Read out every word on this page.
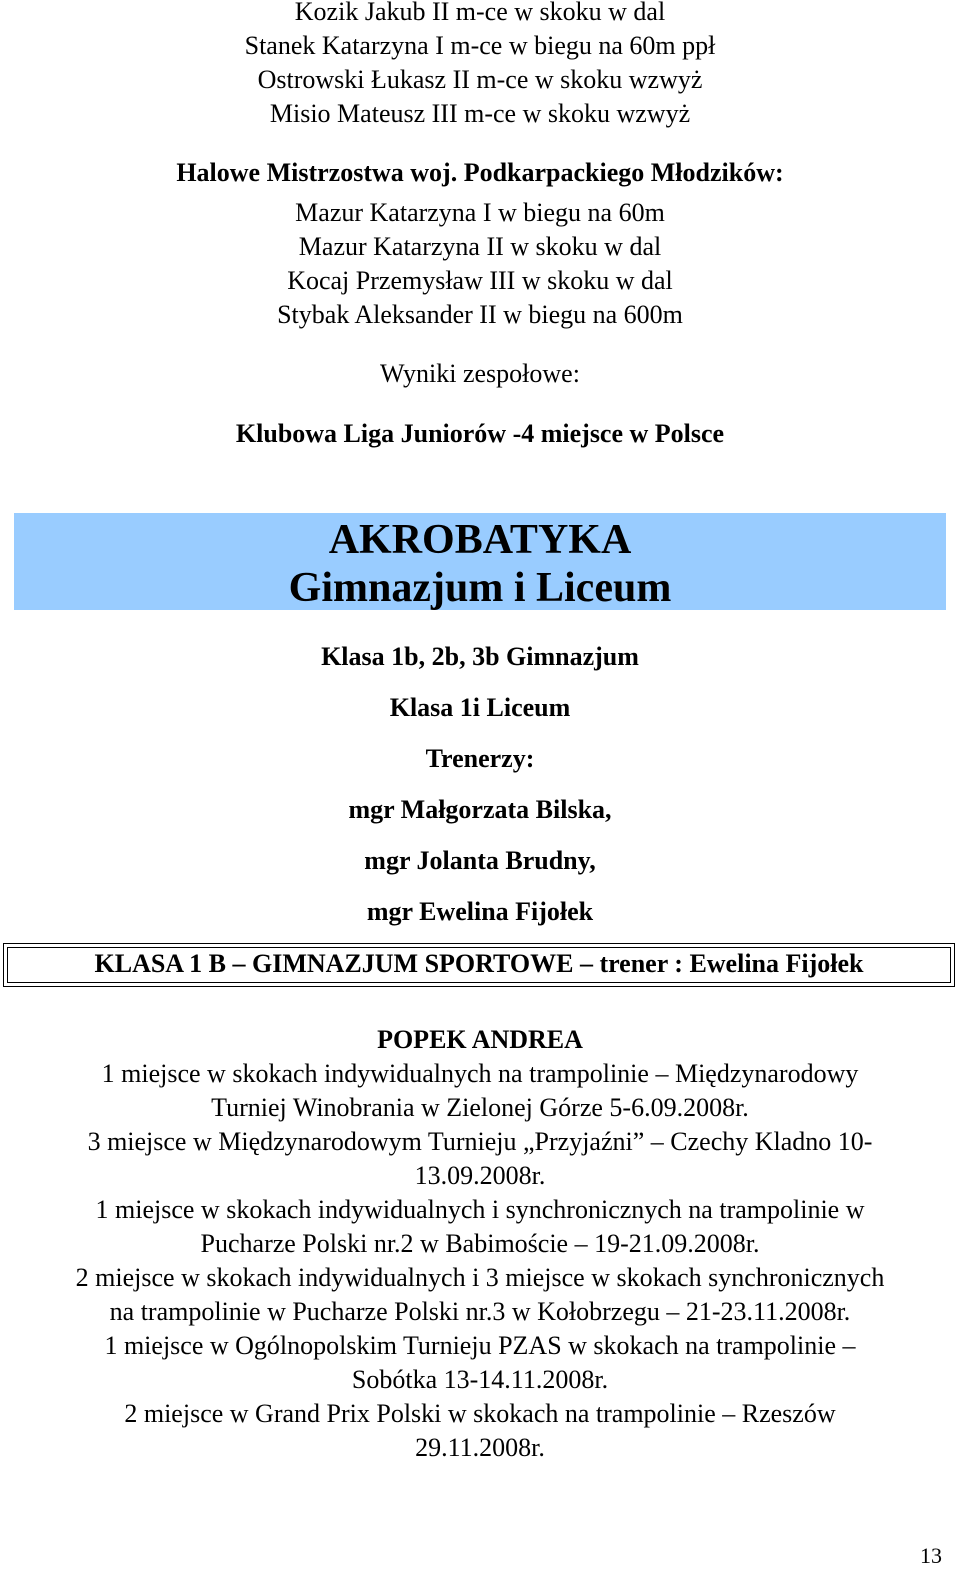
Kozik Jakub II m-ce w skoku w dal
Stanek Katarzyna I m-ce w biegu na 60m ppł
Ostrowski Łukasz II m-ce w skoku wzwyż
Misio Mateusz III m-ce w skoku wzwyż
Halowe Mistrzostwa woj. Podkarpackiego Młodzików:
Mazur Katarzyna I w biegu na 60m
Mazur Katarzyna II w skoku w dal
Kocaj Przemysław III w skoku w dal
Stybak Aleksander II w biegu na 600m
Wyniki zespołowe:
Klubowa Liga Juniorów -4 miejsce w Polsce
AKROBATYKA
Gimnazjum i Liceum
Klasa 1b, 2b, 3b Gimnazjum
Klasa 1i Liceum
Trenerzy:
mgr Małgorzata Bilska,
mgr Jolanta Brudny,
mgr Ewelina Fijołek
KLASA 1 B – GIMNAZJUM SPORTOWE – trener : Ewelina Fijołek
POPEK ANDREA
1 miejsce w skokach indywidualnych na trampolinie – Międzynarodowy
Turniej Winobrania w Zielonej Górze 5-6.09.2008r.
3 miejsce w Międzynarodowym Turnieju „Przyjaźni” – Czechy Kladno 10-
13.09.2008r.
1 miejsce w skokach indywidualnych i synchronicznych na trampolinie w
Pucharze Polski nr.2 w Babimoście – 19-21.09.2008r.
2 miejsce w skokach indywidualnych i 3 miejsce w skokach synchronicznych
na trampolinie w Pucharze Polski nr.3 w Kołobrzegu – 21-23.11.2008r.
1 miejsce w Ogólnopolskim Turnieju PZAS w skokach na trampolinie –
Sobótka 13-14.11.2008r.
2 miejsce w Grand Prix Polski w skokach na trampolinie – Rzeszów
29.11.2008r.
13
